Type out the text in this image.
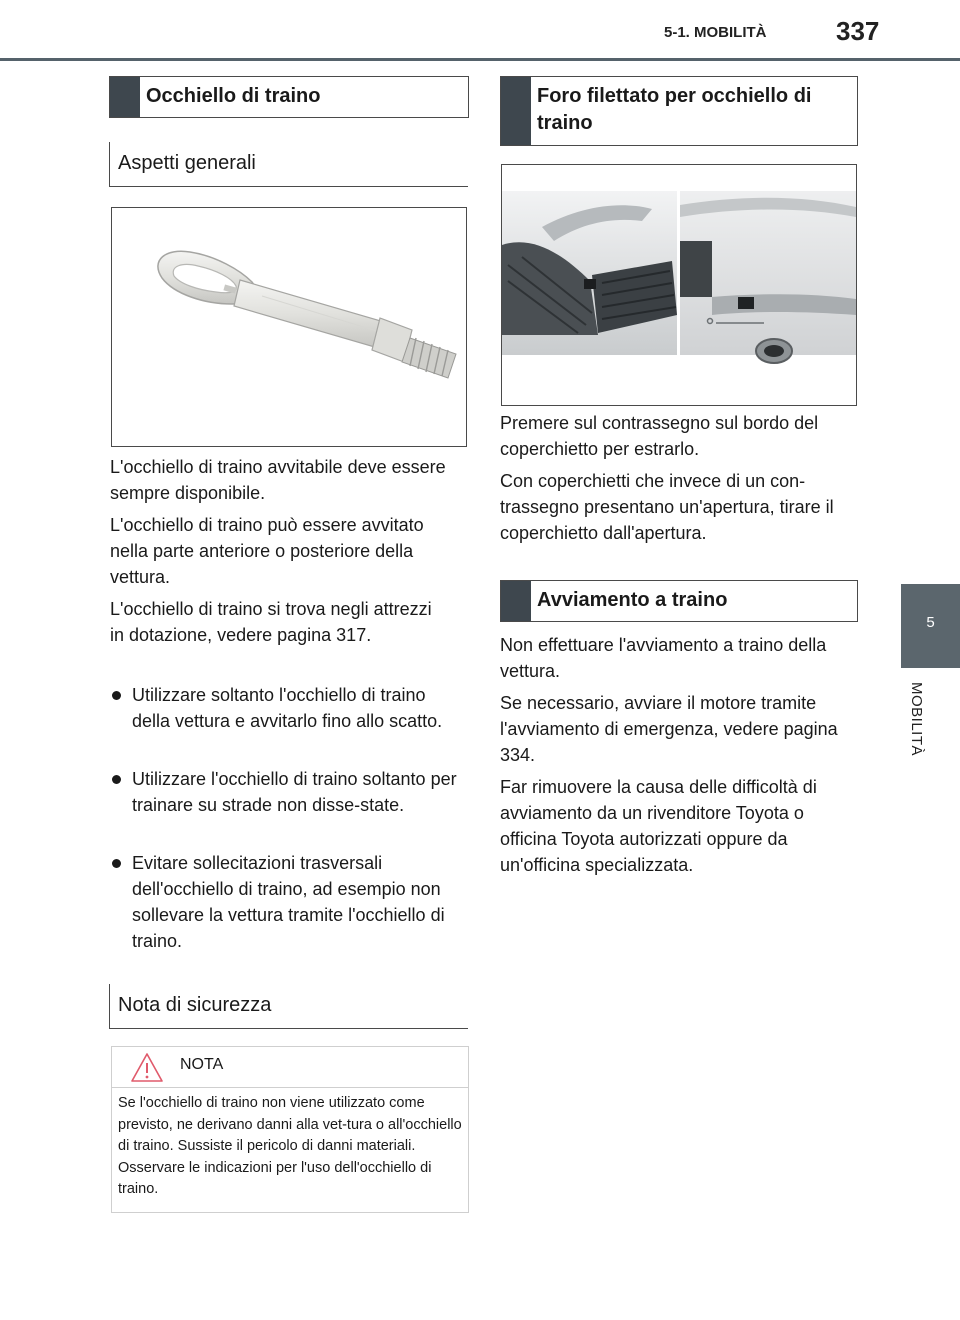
5-1. MOBILITÀ	337
5
MOBILITÀ
Occhiello di traino
Aspetti generali

L'occhiello di traino avvitabile deve essere sempre disponibile.

L'occhiello di traino può essere avvitato nella parte anteriore o posteriore della vettura.

L'occhiello di traino si trova negli attrezzi in dotazione, vedere pagina 317.

Utilizzare soltanto l'occhiello di traino della vettura e avvitarlo fino allo scatto.
Utilizzare l'occhiello di traino soltanto per trainare su strade non disse-state.
Evitare sollecitazioni trasversali dell'occhiello di traino, ad esempio non sollevare la vettura tramite l'occhiello di traino.
Nota di sicurezza
NOTA
Se l'occhiello di traino non viene utilizzato come previsto, ne derivano danni alla vet-tura o all'occhiello di traino. Sussiste il pericolo di danni materiali. Osservare le indicazioni per l'uso dell'occhiello di traino.
Foro filettato per occhiello di traino

Premere sul contrassegno sul bordo del coperchietto per estrarlo.

Con coperchietti che invece di un con-trassegno presentano un'apertura, tirare il coperchietto dall'apertura.

Avviamento a traino

Non effettuare l'avviamento a traino della vettura.

Se necessario, avviare il motore tramite l'avviamento di emergenza, vedere pagina 334.

Far rimuovere la causa delle difficoltà di avviamento da un rivenditore Toyota o officina Toyota autorizzati oppure da un'officina specializzata.
